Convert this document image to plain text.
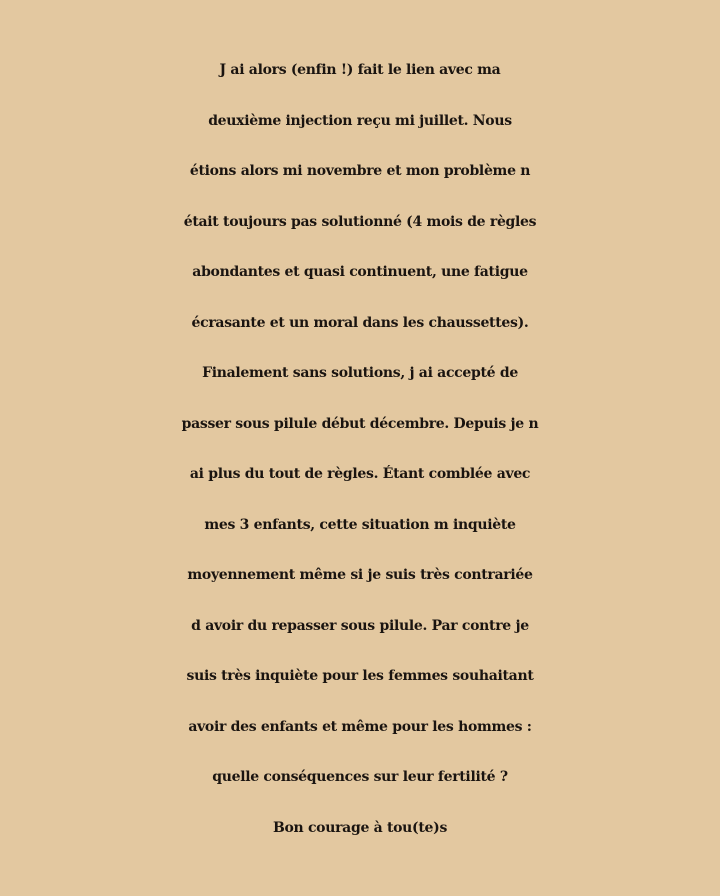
J ai alors (enfin !) fait le lien avec ma
deuxième injection reçu mi juillet. Nous
étions alors mi novembre et mon problème n
était toujours pas solutionné (4 mois de règles
abondantes et quasi continuent, une fatigue
écrasante et un moral dans les chaussettes).
Finalement sans solutions, j ai accepté de
passer sous pilule début décembre. Depuis je n
ai plus du tout de règles. Étant comblée avec
mes 3 enfants, cette situation m inquiète
moyennement même si je suis très contrariée
d avoir du repasser sous pilule. Par contre je
suis très inquiète pour les femmes souhaitant
avoir des enfants et même pour les hommes :
quelle conséquences sur leur fertilité ?
Bon courage à tou(te)s
